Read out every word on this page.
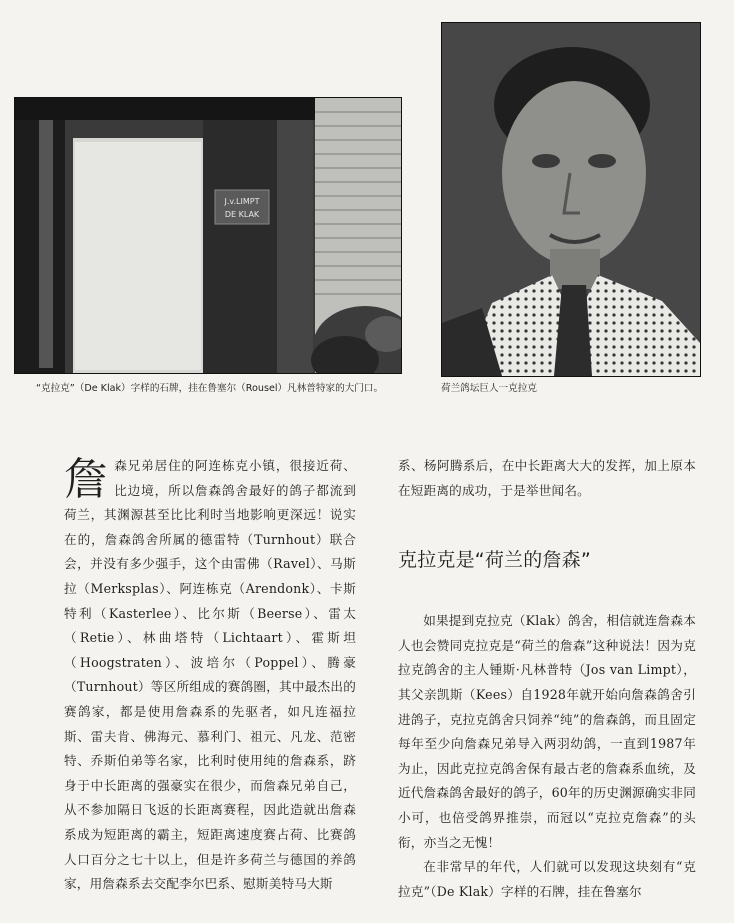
J.v.LIMPT
DE KLAK
“克拉克”（De Klak）字样的石牌，挂在鲁塞尔（Rousel）凡林普特家的大门口。	荷兰鸽坛巨人一克拉克
詹 森兄弟居住的阿连栋克小镇，很接近荷、比边境，所以詹森鸽舍最好的鸽子都流到荷兰，其渊源甚至比比利时当地影响更深远！说实在的，詹森鸽舍所属的德雷特（Turnhout）联合会，并没有多少强手，这个由雷佛（Ravel）、马斯拉（Merksplas）、阿连栋克（Arendonk）、卡斯特利（Kasterlee）、比尔斯（Beerse）、雷太（Retie）、林曲塔特（Lichtaart）、霍斯坦（Hoogstraten）、波培尔（Poppel）、腾豪（Turnhout）等区所组成的赛鸽圈，其中最杰出的赛鸽家，都是使用詹森系的先驱者，如凡连福拉斯、雷夫肯、佛海元、慕利门、祖元、凡龙、范密特、乔斯伯弟等名家，比利时使用纯的詹森系，跻身于中长距离的强豪实在很少，而詹森兄弟自己，从不参加隔日飞返的长距离赛程，因此造就出詹森系成为短距离的霸主，短距离速度赛占荷、比赛鸽人口百分之七十以上，但是许多荷兰与德国的养鸽家，用詹森系去交配李尔巴系、慰斯美特马大斯

系、杨阿腾系后，在中长距离大大的发挥，加上原本在短距离的成功，于是举世闻名。

克拉克是“荷兰的詹森”

如果提到克拉克（Klak）鸽舍，相信就连詹森本人也会赞同克拉克是“荷兰的詹森”这种说法！因为克拉克鸽舍的主人锺斯·凡林普特（Jos van Limpt），其父亲凯斯（Kees）自1928年就开始向詹森鸽舍引进鸽子，克拉克鸽舍只饲养“纯”的詹森鸽，而且固定每年至少向詹森兄弟导入两羽幼鸽，一直到1987年为止，因此克拉克鸽舍保有最古老的詹森系血统，及近代詹森鸽舍最好的鸽子，60年的历史渊源确实非同小可，也倍受鸽界推崇，而冠以“克拉克詹森”的头衔，亦当之无愧！

在非常早的年代，人们就可以发现这块刻有“克拉克”（De Klak）字样的石牌，挂在鲁塞尔
